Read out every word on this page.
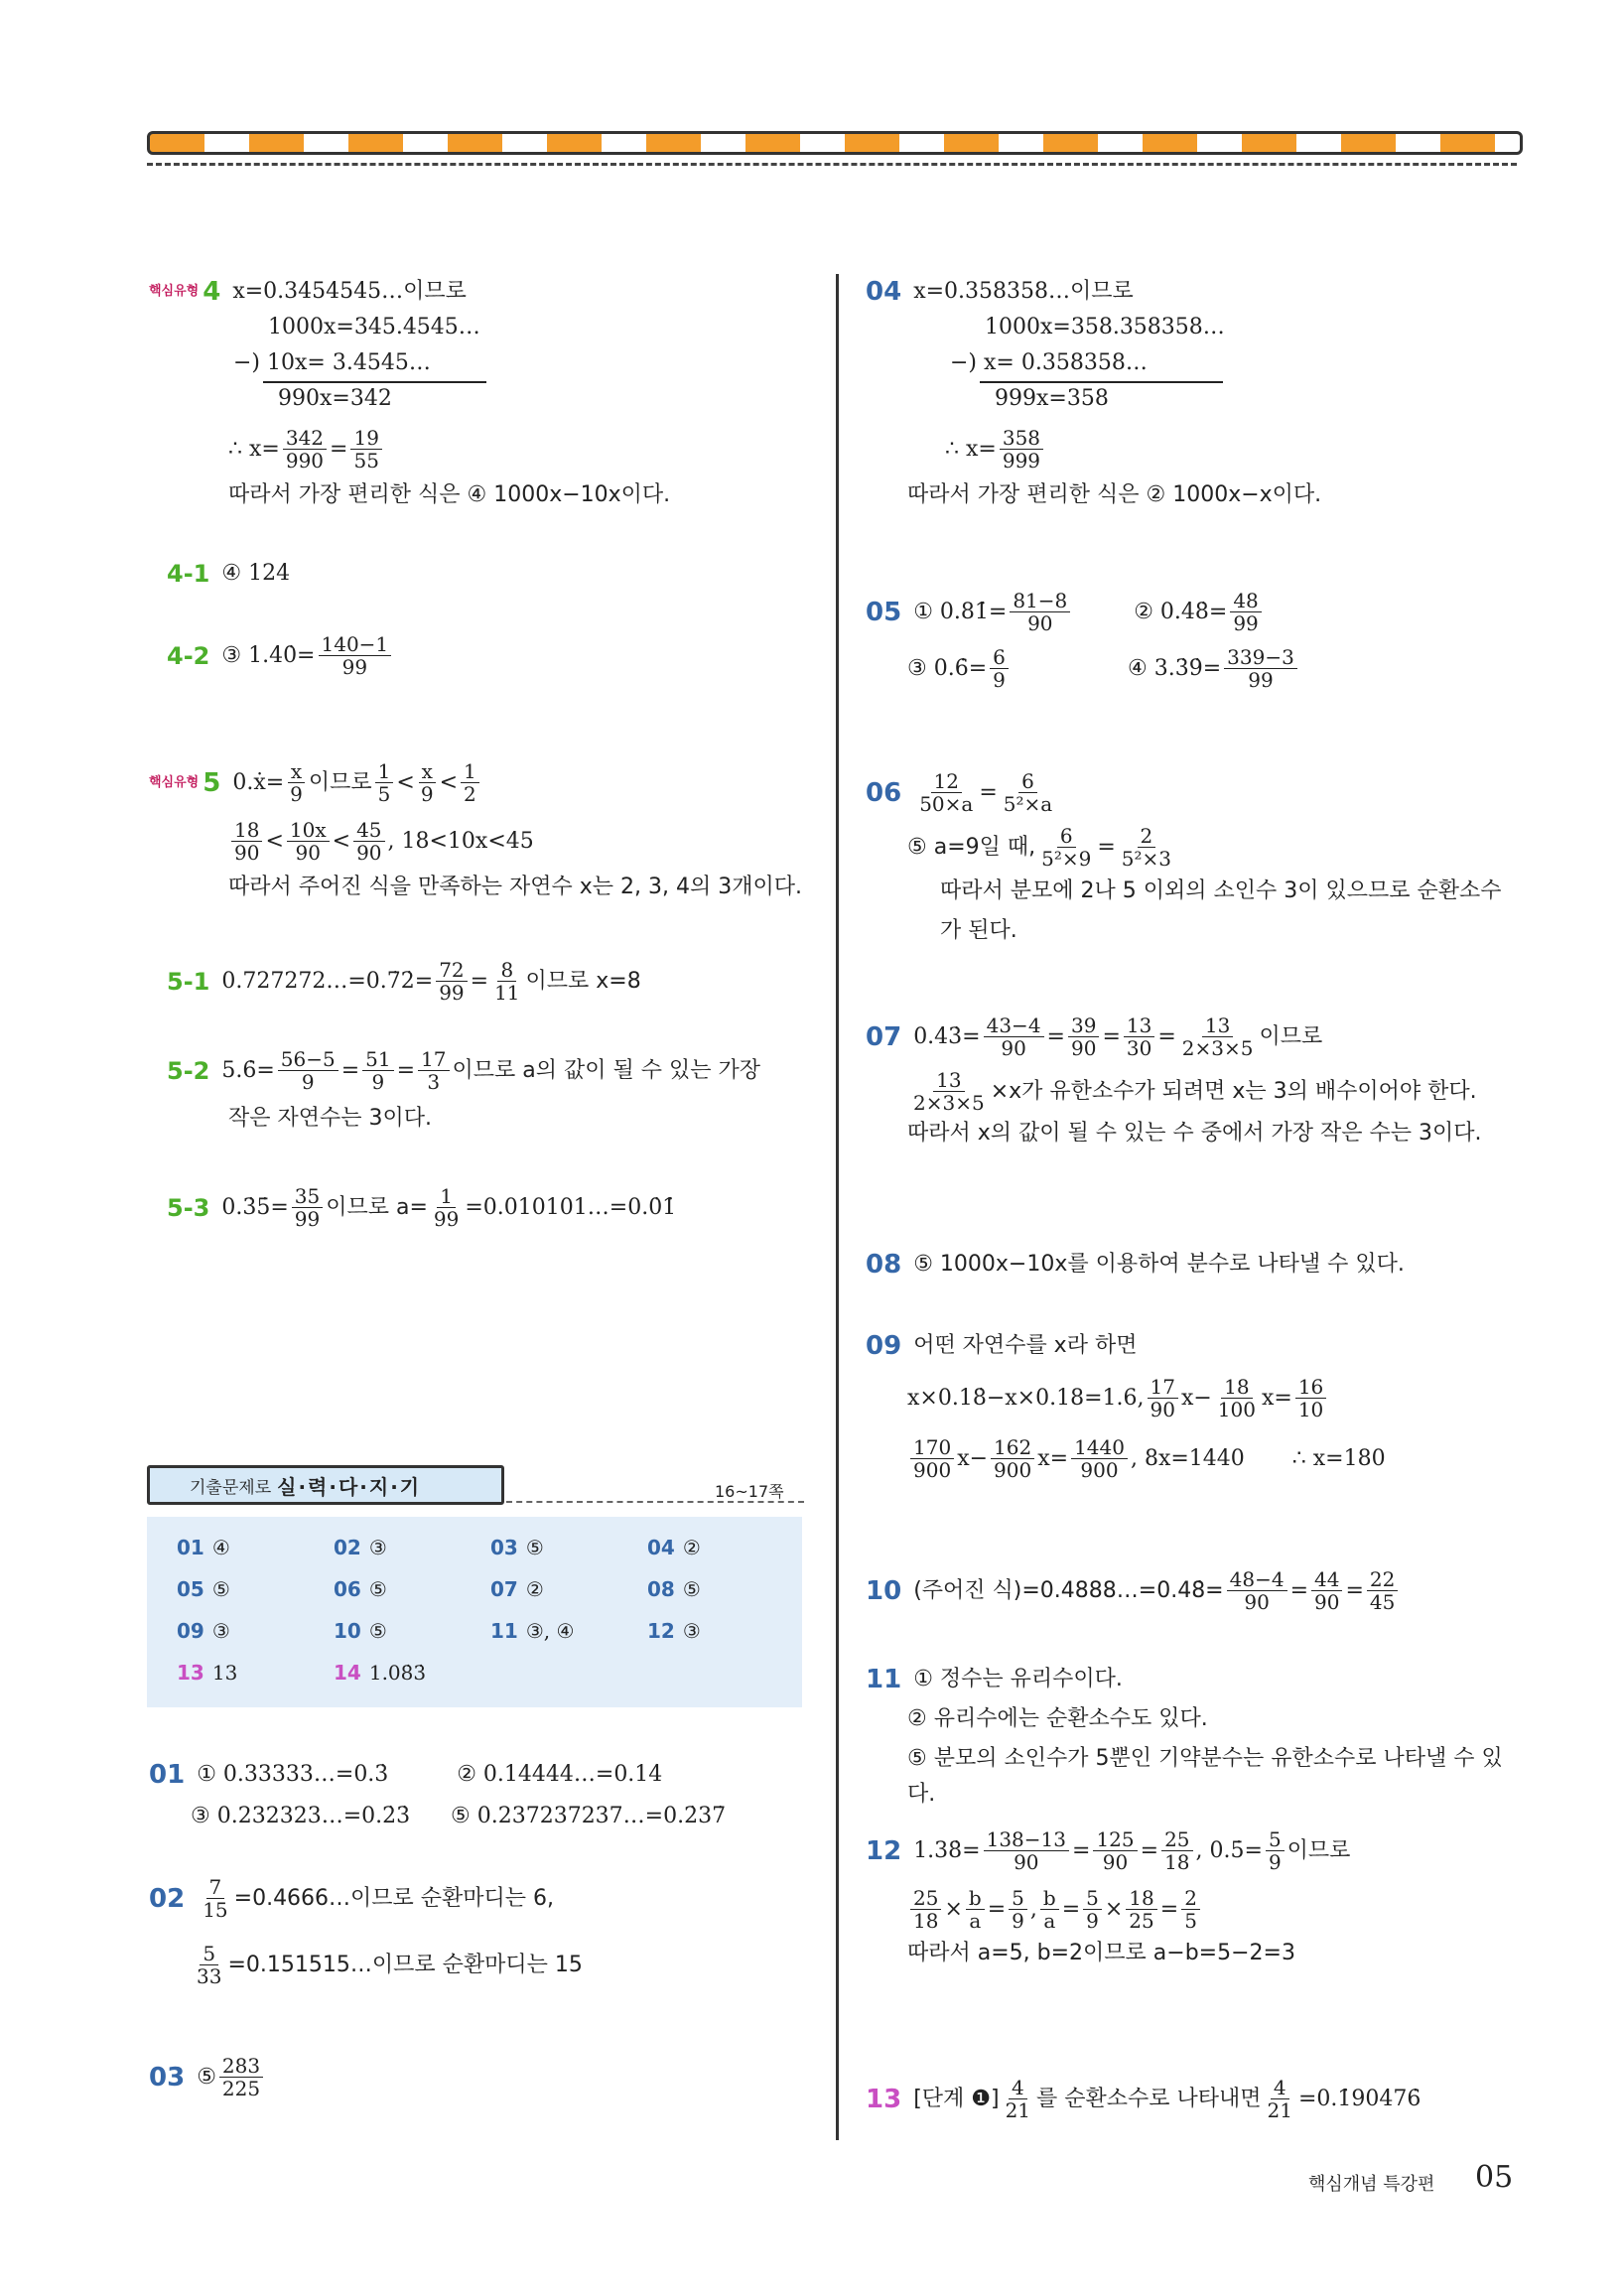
핵심유형 4 x=0.3454545…이므로
1000x=345.4545…
−) 10x= 3.4545…
990x=342
∴ $x= \frac{342}{990} = \frac{19}{55}$
따라서 가장 편리한 식은 ④ 1000x−10x이다.
4-1 ④ 124
4-2 ③ 1.4̇0̇= $\frac{140-1}{99}$
핵심유형 5 0.ẋ= $\frac{x}{9}$ 이므로 $\frac{1}{5} < \frac{x}{9} < \frac{1}{2}$
$\frac{18}{90} < \frac{10x}{90} < \frac{45}{90}$ , 18<10x<45
따라서 주어진 식을 만족하는 자연수 x는 2, 3, 4의 3개이다.
5-1 0.727272…=0.7̇2̇= $\frac{72}{99} = \frac{8}{11}$ 이므로 x=8
5-2 5.6̇= $\frac{56-5}{9} = \frac{51}{9} = \frac{17}{3}$ 이므로 a의 값이 될 수 있는 가장
작은 자연수는 3이다.
5-3 0.3̇5̇= $\frac{35}{99}$ 이므로 $a= \frac{1}{99}$ =0.010101…=0.0̇1̇
기출문제로 실·력·다·지·기	16~17쪽
01 ④	02 ③	03 ⑤	04 ②
05 ⑤	06 ⑤	07 ②	08 ⑤
09 ③	10 ⑤	11 ③, ④	12 ③
13 13	14 1.08̇3̇
01 ① 0.33333…=0.3̇	② 0.14444…=0.14̇
③ 0.232323…=0.2̇3̇	⑤ 0.237237237…=0.2̇37̇
$02 \frac{7}{15}$ =0.4666…이므로 순환마디는 6,
$\frac{5}{33}$ =0.151515…이므로 순환마디는 15
03 ⑤ $\frac{283}{225}$
04 x=0.358358…이므로
1000x=358.358358…
−) x= 0.358358…
999x=358
∴ $x= \frac{358}{999}$
따라서 가장 편리한 식은 ② 1000x−x이다.
05 ① 0.81̇= $\frac{81-8}{90}$	② 0.4̇8̇= $\frac{48}{99}$
③ 0.6̇= $\frac{6}{9}$	④ 3.3̇9̇= $\frac{339-3}{99}$
$06 \frac{12}{50\times a} = \frac{6}{\text{5²×a}}$
⑤ a=9일 때, $\frac{6}{\text{5²×9}} = \frac{2}{\text{5²×3}}$
따라서 분모에 2나 5 이외의 소인수 3이 있으므로 순환소수
가 된다.
07 0.43̇= $\frac{43-4}{90} = \frac{39}{90} = \frac{13}{30} = \frac{13}{2\times 3\times 5}$ 이므로
$\frac{13}{2\times 3\times 5} \times x$가 유한소수가 되려면 x는 3의 배수이어야 한다.
따라서 x의 값이 될 수 있는 수 중에서 가장 작은 수는 3이다.
08 ⑤ 1000x−10x를 이용하여 분수로 나타낼 수 있다.
09 어떤 자연수를 x라 하면
x×0.18̇−x×0.18=1.6, $\frac{17}{90} x- \frac{18}{100} x= \frac{16}{10}$
$\frac{170}{900} x- \frac{162}{900} x= \frac{1440}{900}$ , 8x=1440 ∴ x=180
10 (주어진 식)=0.4888…=0.48̇= $\frac{48-4}{90} = \frac{44}{90} = \frac{22}{45}$
11 ① 정수는 유리수이다.
② 유리수에는 순환소수도 있다.
⑤ 분모의 소인수가 5뿐인 기약분수는 유한소수로 나타낼 수 있다.
12 1.38̇= $\frac{138-13}{90} = \frac{125}{90} = \frac{25}{18}$ , 0.5̇= $\frac{5}{9}$ 이므로
$\frac{25}{18} \times \frac{b}{a} = \frac{5}{9}$ , $\frac{b}{a} = \frac{5}{9} \times \frac{18}{25} = \frac{2}{5}$
따라서 a=5, b=2이므로 a−b=5−2=3
13 [단계 ❶] $\frac{4}{21}$ 를 순환소수로 나타내면 $\frac{4}{21}$ =0.1̇90476̇
핵심개념 특강편 05
